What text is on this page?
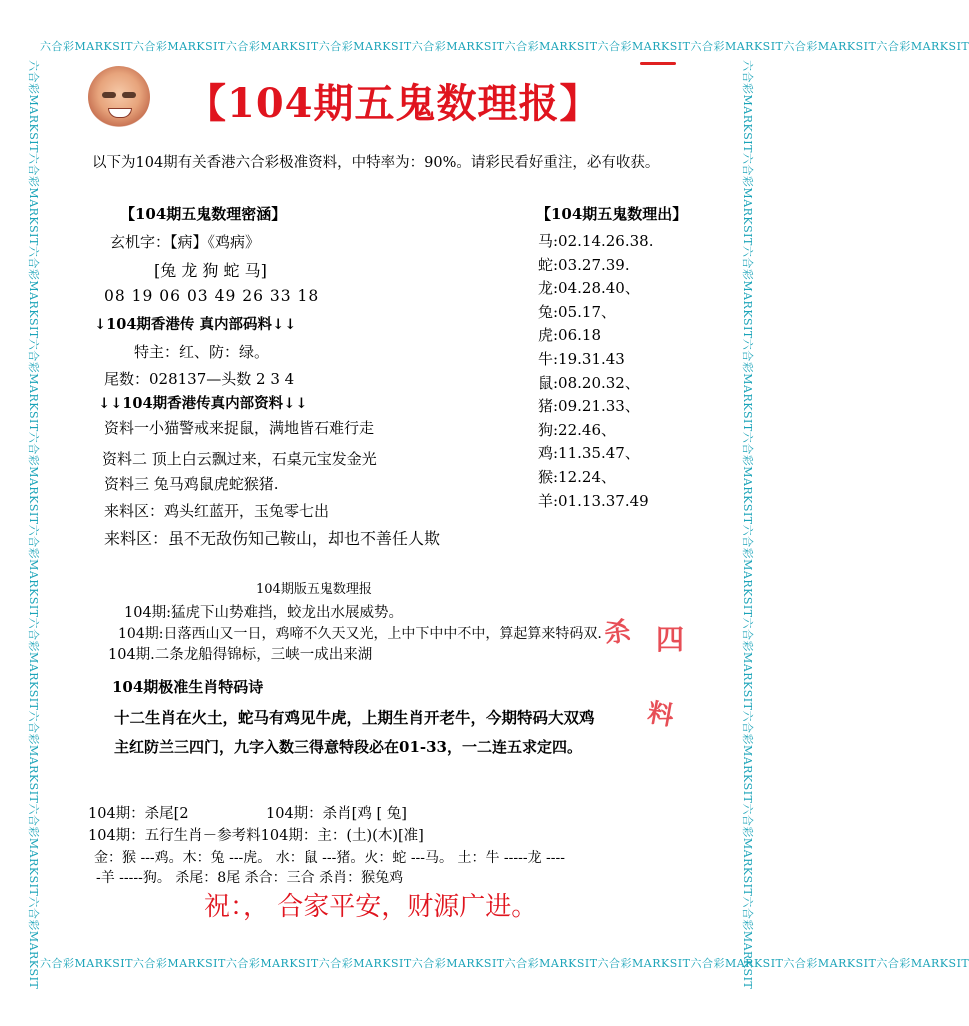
六合彩MARKSIT六合彩MARKSIT六合彩MARKSIT六合彩MARKSIT六合彩MARKSIT六合彩MARKSIT六合彩MARKSIT六合彩MARKSIT六合彩MARKSIT六合彩MARKSIT
六合彩MARKSIT六合彩MARKSIT六合彩MARKSIT六合彩MARKSIT六合彩MARKSIT六合彩MARKSIT六合彩MARKSIT六合彩MARKSIT六合彩MARKSIT六合彩MARKSIT
六合彩MARKSIT六合彩MARKSIT六合彩MARKSIT六合彩MARKSIT六合彩MARKSIT六合彩MARKSIT六合彩MARKSIT六合彩MARKSIT六合彩MARKSIT六合彩MARKSIT	六合彩MARKSIT六合彩MARKSIT六合彩MARKSIT六合彩MARKSIT六合彩MARKSIT六合彩MARKSIT六合彩MARKSIT六合彩MARKSIT六合彩MARKSIT六合彩MARKSIT
【104期五鬼数理报】
以下为104期有关香港六合彩极准资料，中特率为：90%。请彩民看好重注，必有收获。
【104期五鬼数理密涵】
玄机字：【病】《鸡病》
[兔 龙 狗 蛇 马]
08 19 06 03 49 26 33 18
↓104期香港传 真内部码料↓↓
特主：红、防：绿。
尾数：028137—头数 2 3 4
↓↓104期香港传真内部资料↓↓
资料一小猫警戒来捉鼠，满地皆石难行走
资料二 顶上白云飘过来，石桌元宝发金光
资料三 兔马鸡鼠虎蛇猴猪.
来料区：鸡头红蓝开，玉兔零七出
来料区：虽不无敌伤知己鞍山，却也不善任人欺
【104期五鬼数理出】
马:02.14.26.38.
蛇:03.27.39.
龙:04.28.40、
兔:05.17、
虎:06.18
牛:19.31.43
鼠:08.20.32、
猪:09.21.33、
狗:22.46、
鸡:11.35.47、
猴:12.24、
羊:01.13.37.49
104期版五鬼数理报
104期:猛虎下山势难挡，蛟龙出水展威势。
104期:日落西山又一日，鸡啼不久天又光，上中下中中不中，算起算来特码双.
104期.二条龙船得锦标，三峡一成出来湖
杀 四
104期极准生肖特码诗
十二生肖在火土，蛇马有鸡见牛虎，上期生肖开老牛，今期特码大双鸡
主红防兰三四门，九字入数三得意特段必在01-33，一二连五求定四。
料
104期：杀尾[2	104期：杀肖[鸡 [ 兔]
104期：五行生肖－参考料104期：主：(土)(木)[准]
金：猴 ---鸡。木：兔 ---虎。 水：鼠 ---猪。火：蛇 ---马。 土：牛 -----龙 ----
-羊 -----狗。 杀尾：8尾 杀合：三合 杀肖：猴兔鸡
祝：， 合家平安，财源广进。
